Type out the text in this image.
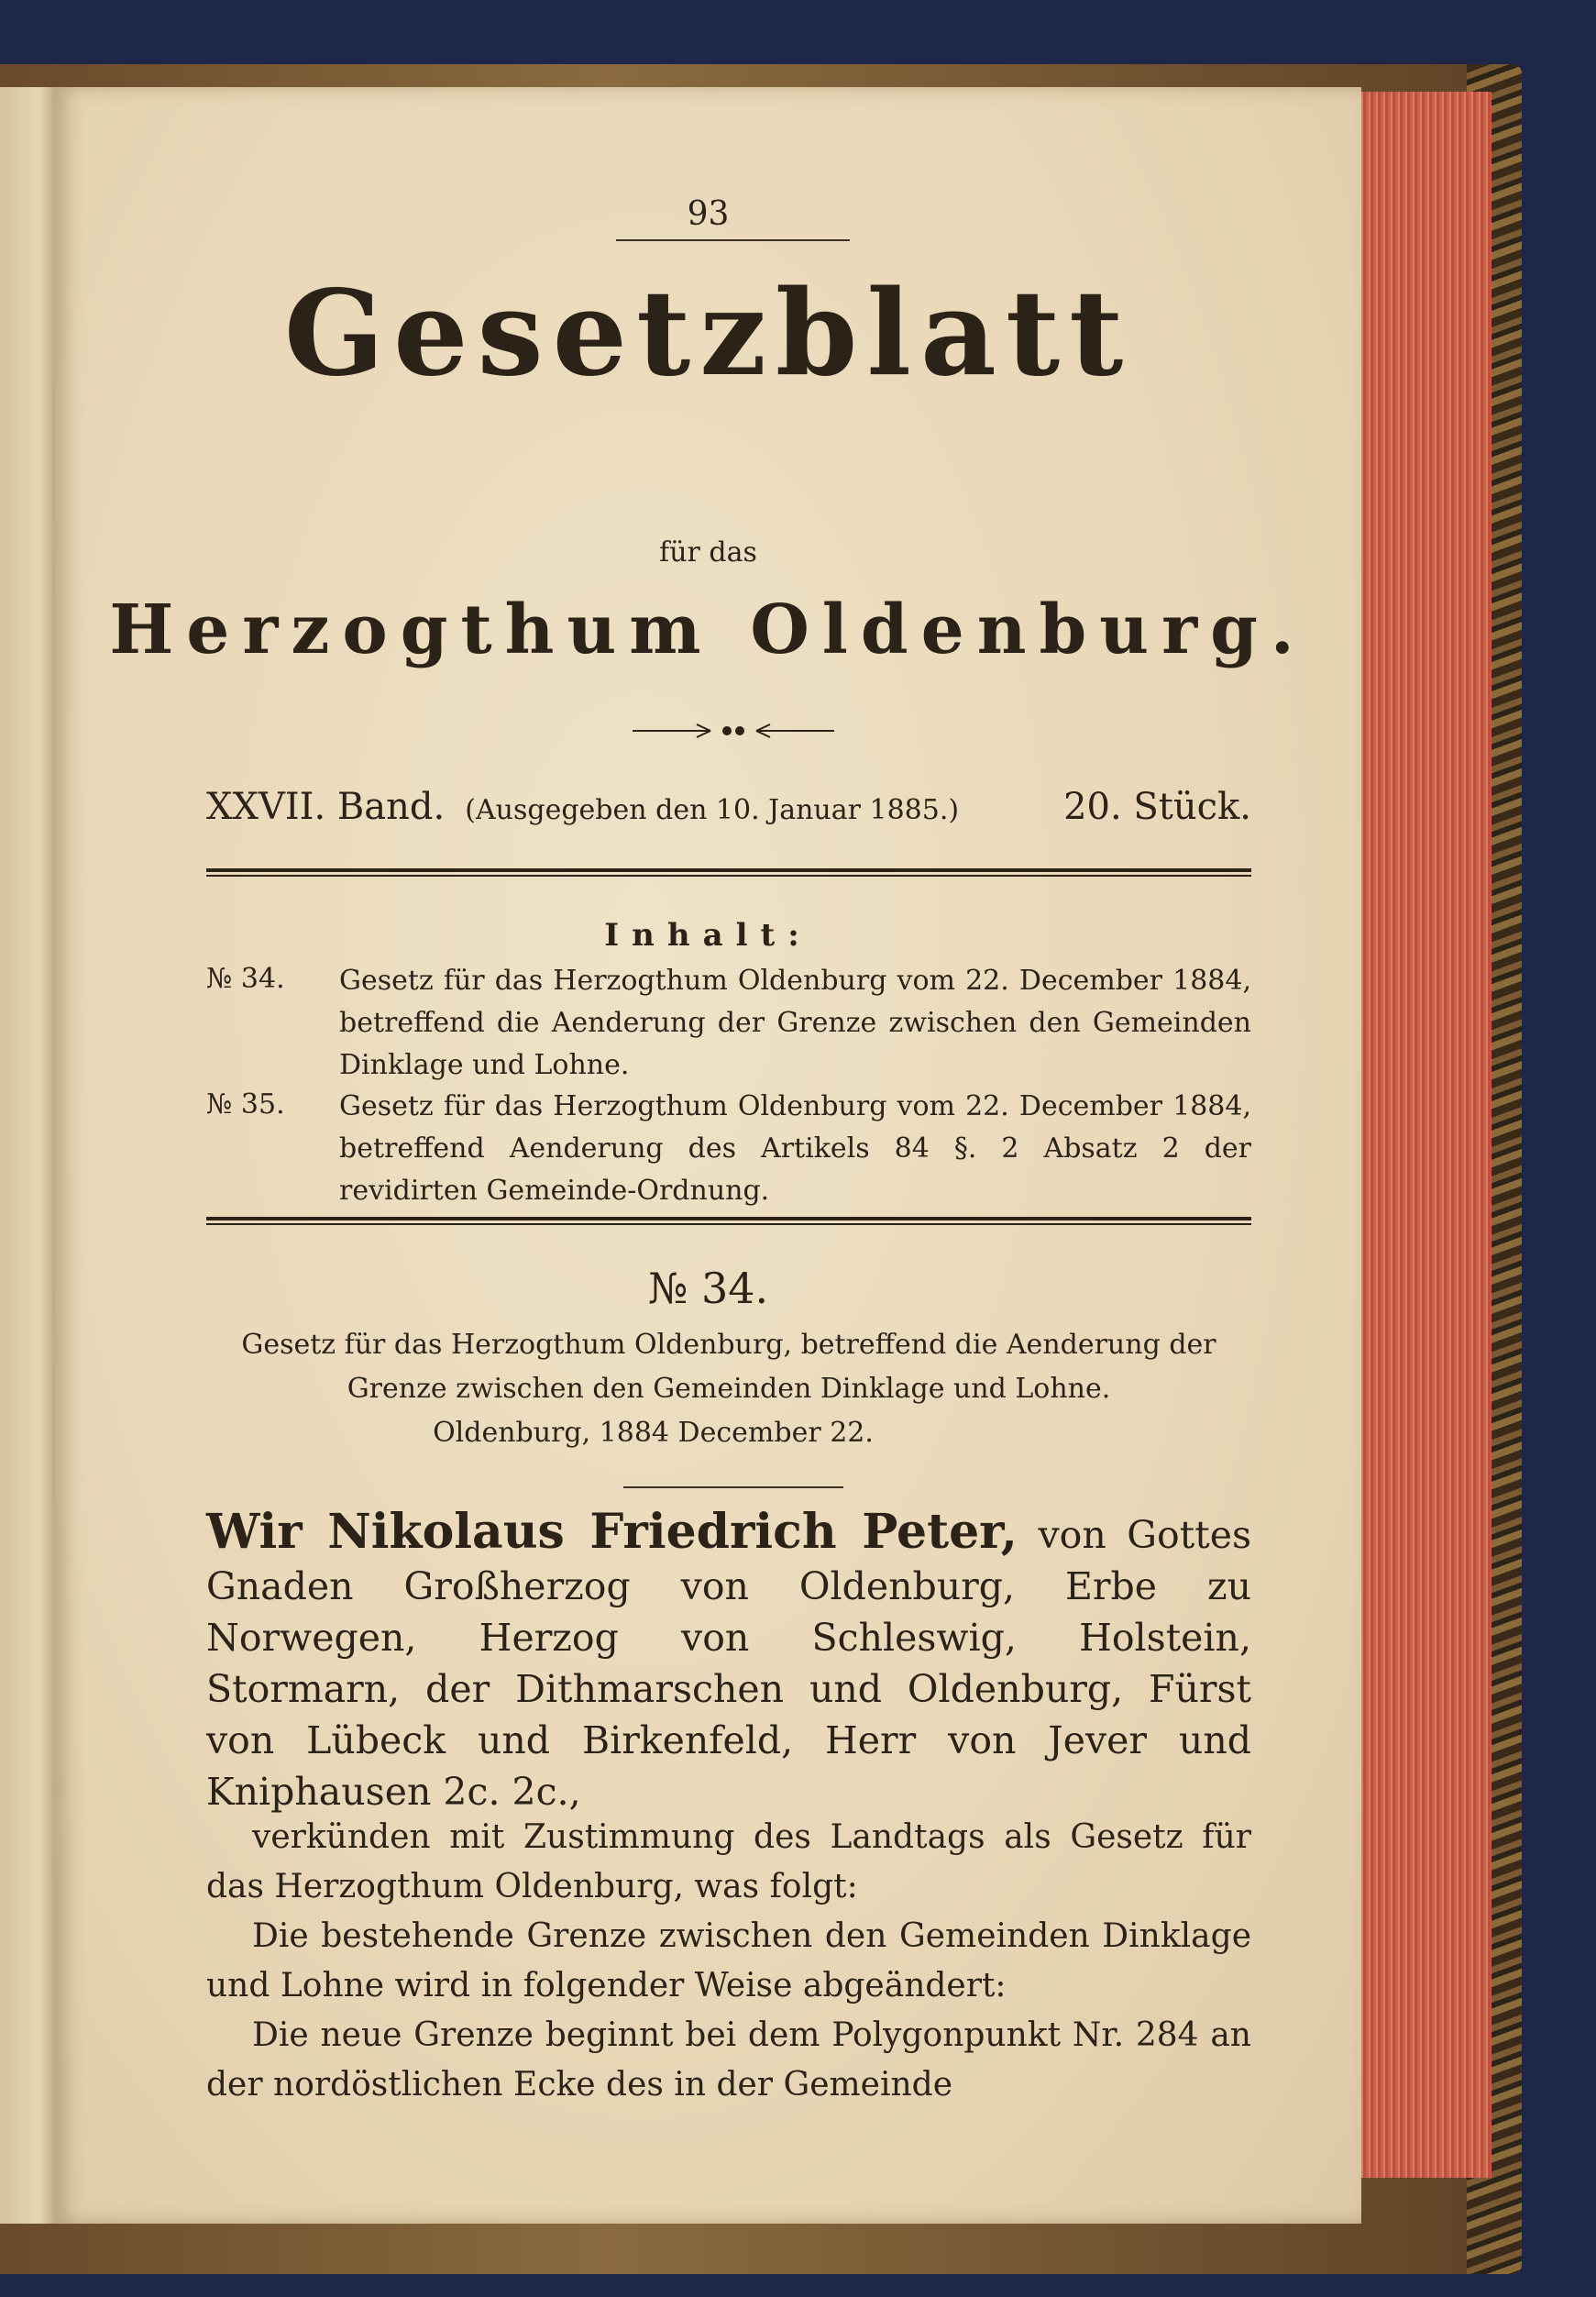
93
Gesetzblatt
für das
Herzogthum Oldenburg.
XXVII. Band. (Ausgegeben den 10. Januar 1885.)	20. Stück.
Inhalt:
№ 34. Gesetz für das Herzogthum Oldenburg vom 22. December 1884, betreffend die Aenderung der Grenze zwischen den Gemeinden Dinklage und Lohne.
№ 35. Gesetz für das Herzogthum Oldenburg vom 22. December 1884, betreffend Aenderung des Artikels 84 §. 2 Absatz 2 der revidirten Gemeinde-Ordnung.
№ 34.
Gesetz für das Herzogthum Oldenburg, betreffend die Aenderung der Grenze zwischen den Gemeinden Dinklage und Lohne.
Oldenburg, 1884 December 22.
Wir Nikolaus Friedrich Peter, von Gottes Gnaden Großherzog von Oldenburg, Erbe zu Norwegen, Herzog von Schleswig, Holstein, Stormarn, der Dithmarschen und Oldenburg, Fürst von Lübeck und Birkenfeld, Herr von Jever und Kniphausen 2c. 2c.,
verkünden mit Zustimmung des Landtags als Gesetz für das Herzogthum Oldenburg, was folgt:
Die bestehende Grenze zwischen den Gemeinden Dinklage und Lohne wird in folgender Weise abgeändert:
Die neue Grenze beginnt bei dem Polygonpunkt Nr. 284 an der nordöstlichen Ecke des in der Gemeinde
